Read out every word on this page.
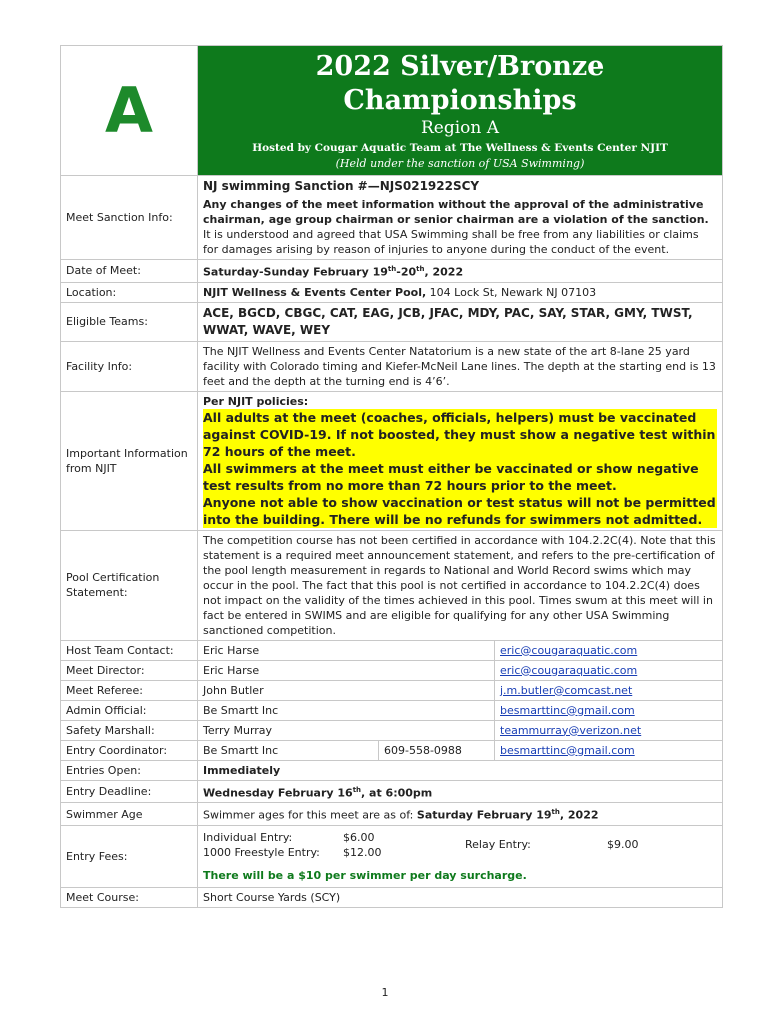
A	
2022 Silver/Bronze Championships
Region A
Hosted by Cougar Aquatic Team at The Wellness & Events Center NJIT
(Held under the sanction of USA Swimming)

Meet Sanction Info:	
NJ swimming Sanction #—NJS021922SCY
Any changes of the meet information without the approval of the administrative chairman, age group chairman or senior chairman are a violation of the sanction.
It is understood and agreed that USA Swimming shall be free from any liabilities or claims for damages arising by reason of injuries to anyone during the conduct of the event.

Date of Meet:	Saturday-Sunday February 19th-20th, 2022
Location:	NJIT Wellness & Events Center Pool, 104 Lock St, Newark NJ 07103
Eligible Teams:	ACE, BGCD, CBGC, CAT, EAG, JCB, JFAC, MDY, PAC, SAY, STAR, GMY, TWST, WWAT, WAVE, WEY
Facility Info:	The NJIT Wellness and Events Center Natatorium is a new state of the art 8-lane 25 yard facility with Colorado timing and Kiefer-McNeil Lane lines. The depth at the starting end is 13 feet and the depth at the turning end is 4’6’.
Important Information from NJIT	
Per NJIT policies:
All adults at the meet (coaches, officials, helpers) must be vaccinated against COVID-19. If not boosted, they must show a negative test within 72 hours of the meet.
All swimmers at the meet must either be vaccinated or show negative test results from no more than 72 hours prior to the meet.
Anyone not able to show vaccination or test status will not be permitted into the building. There will be no refunds for swimmers not admitted.

Pool Certification Statement:	The competition course has not been certified in accordance with 104.2.2C(4). Note that this statement is a required meet announcement statement, and refers to the pre-certification of the pool length measurement in regards to National and World Record swims which may occur in the pool. The fact that this pool is not certified in accordance to 104.2.2C(4) does not impact on the validity of the times achieved in this pool. Times swum at this meet will in fact be entered in SWIMS and are eligible for qualifying for any other USA Swimming sanctioned competition.
Host Team Contact:	Eric Harse	eric@cougaraquatic.com
Meet Director:	Eric Harse	eric@cougaraquatic.com
Meet Referee:	John Butler	j.m.butler@comcast.net
Admin Official:	Be Smartt Inc	besmarttinc@gmail.com
Safety Marshall:	Terry Murray	teammurray@verizon.net
Entry Coordinator:	Be Smartt Inc	609-558-0988	besmarttinc@gmail.com
Entries Open:	Immediately
Entry Deadline:	Wednesday February 16th, at 6:00pm
Swimmer Age	Swimmer ages for this meet are as of: Saturday February 19th, 2022
Entry Fees:	
Individual Entry:	$6.00	Relay Entry:	$9.00
1000 Freestyle Entry:	$12.00
There will be a $10 per swimmer per day surcharge.

Meet Course:	Short Course Yards (SCY)
1
